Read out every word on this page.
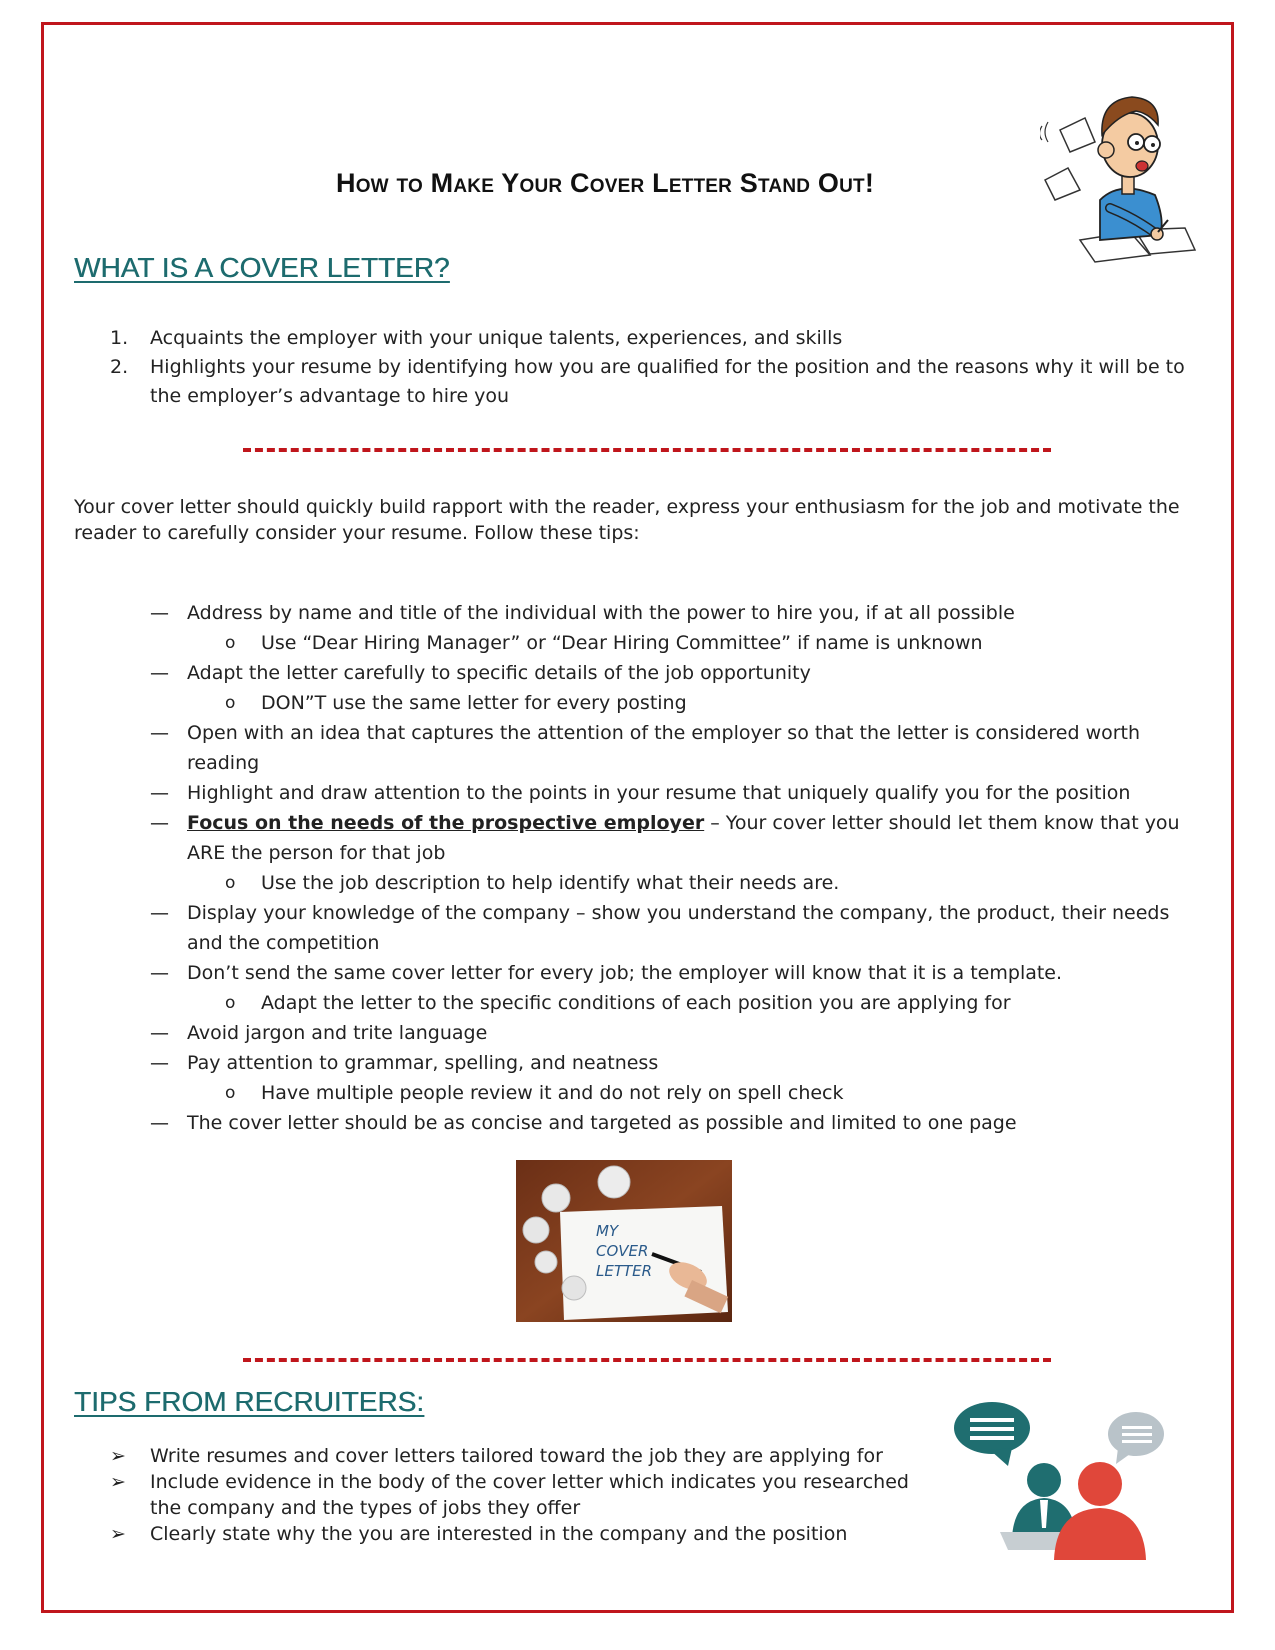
How to Make Your Cover Letter Stand Out!
WHAT IS A COVER LETTER?
1. Acquaints the employer with your unique talents, experiences, and skills
2. Highlights your resume by identifying how you are qualified for the position and the reasons why it will be to the employer’s advantage to hire you

Your cover letter should quickly build rapport with the reader, express your enthusiasm for the job and motivate the reader to carefully consider your resume. Follow these tips:

— Address by name and title of the individual with the power to hire you, if at all possible
o Use “Dear Hiring Manager” or “Dear Hiring Committee” if name is unknown
— Adapt the letter carefully to specific details of the job opportunity
o DON”T use the same letter for every posting
— Open with an idea that captures the attention of the employer so that the letter is considered worth reading
— Highlight and draw attention to the points in your resume that uniquely qualify you for the position
— Focus on the needs of the prospective employer – Your cover letter should let them know that you ARE the person for that job
o Use the job description to help identify what their needs are.
— Display your knowledge of the company – show you understand the company, the product, their needs and the competition
— Don’t send the same cover letter for every job; the employer will know that it is a template.
o Adapt the letter to the specific conditions of each position you are applying for
— Avoid jargon and trite language
— Pay attention to grammar, spelling, and neatness
o Have multiple people review it and do not rely on spell check
— The cover letter should be as concise and targeted as possible and limited to one page
MY
COVER
LETTER
TIPS FROM RECRUITERS:
➢ Write resumes and cover letters tailored toward the job they are applying for
➢ Include evidence in the body of the cover letter which indicates you researched the company and the types of jobs they offer
➢ Clearly state why the you are interested in the company and the position
